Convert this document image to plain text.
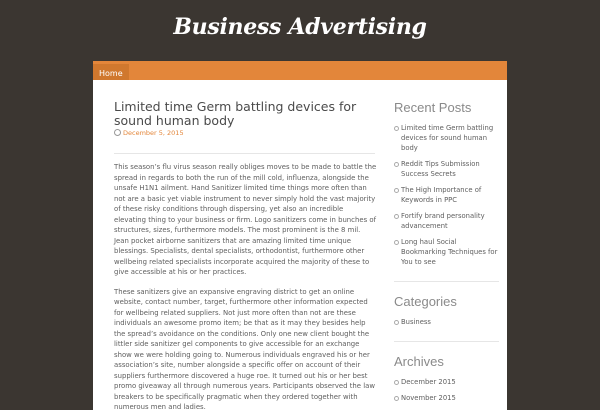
Business Advertising
Home
Limited time Germ battling devices for sound human body
December 5, 2015

This season’s flu virus season really obliges moves to be made to battle the spread in regards to both the run of the mill cold, influenza, alongside the unsafe H1N1 ailment. Hand Sanitizer limited time things more often than not are a basic yet viable instrument to never simply hold the vast majority of these risky conditions through dispersing, yet also an incredible elevating thing to your business or firm. Logo sanitizers come in bunches of structures, sizes, furthermore models. The most prominent is the 8 mil. Jean pocket airborne sanitizers that are amazing limited time unique blessings. Specialists, dental specialists, orthodontist, furthermore other wellbeing related specialists incorporate acquired the majority of these to give accessible at his or her practices.

These sanitizers give an expansive engraving district to get an online website, contact number, target, furthermore other information expected for wellbeing related suppliers. Not just more often than not are these individuals an awesome promo item; be that as it may they besides help the spread’s avoidance on the conditions. Only one new client bought the littler side sanitizer gel components to give accessible for an exchange show we were holding going to. Numerous individuals engraved his or her association’s site, number alongside a specific offer on account of their suppliers furthermore discovered a huge roe. It turned out his or her best promo giveaway all through numerous years. Participants observed the law breakers to be specifically pragmatic when they ordered together with numerous men and ladies.

Recent Posts
Limited time Germ battling devices for sound human body
Reddit Tips Submission Success Secrets
The High Importance of Keywords in PPC
Fortify brand personality advancement
Long haul Social Bookmarking Techniques for You to see
Categories
Business
Archives
December 2015
November 2015
